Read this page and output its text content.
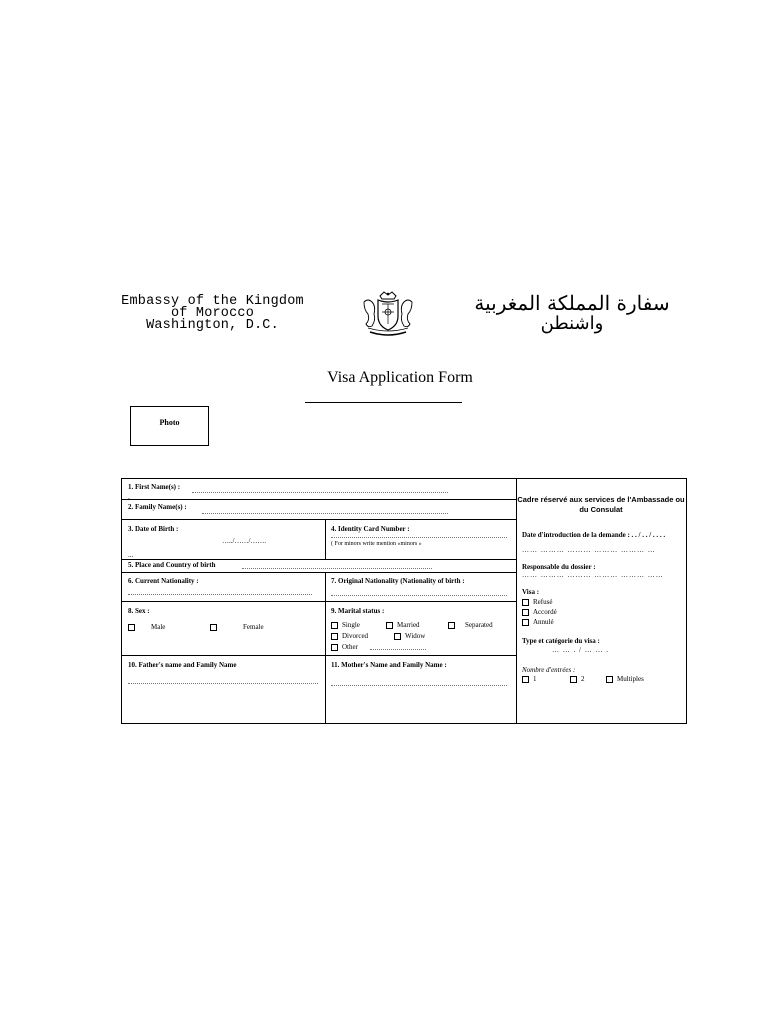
Embassy of the Kingdom
of Morocco
Washington, D.C.
سفارة المملكة المغربية
واشنطن
Visa Application Form
Photo
1. First Name(s) :
.
2. Family Name(s) :
3. Date of Birth :
…../……/…….
4. Identity Card Number :
( For minors write mention «minors »
...
5. Place and Country of birth
6. Current Nationality :	7. Original Nationality (Nationality of birth :
8. Sex :
Male	Female
9. Marital status :
Single	Married	Separated
Divorced	Widow
Other
10. Father's name and Family Name	11. Mother's Name and Family Name :
Cadre réservé aux services de l'Ambassade ou du Consulat
Date d'introduction de la demande : . . / . . / . . . .
…… ……… ……… ……… ……… …
Responsable du dossier :
…… ……… ……… ……… ……… ……
Visa :
Refusé
Accordé
Annulé
Type et catégorie du visa :
… … . / … … .
Nombre d'entrées :
1	2	Multiples
